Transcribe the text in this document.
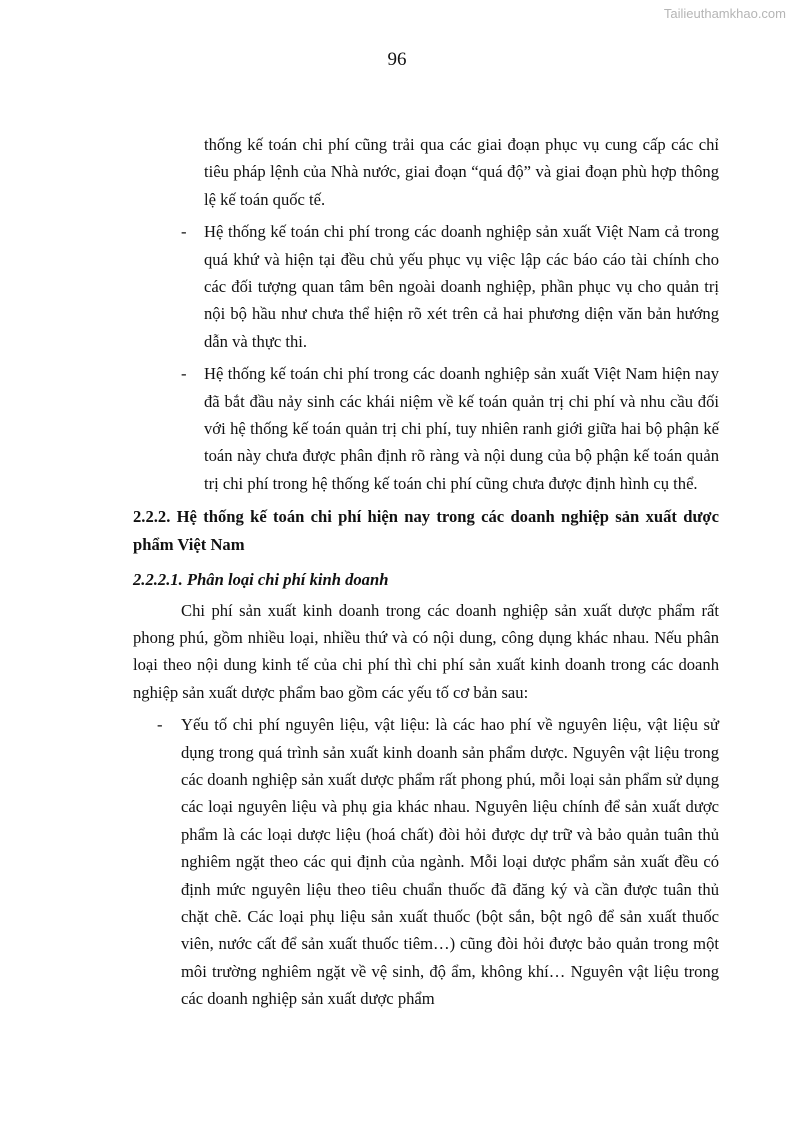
Tailieuthamkhao.com
96

thống kế toán chi phí cũng trải qua các giai đoạn phục vụ cung cấp các chỉ tiêu pháp lệnh của Nhà nước, giai đoạn “quá độ” và giai đoạn phù hợp thông lệ kế toán quốc tế.

- Hệ thống kế toán chi phí trong các doanh nghiệp sản xuất Việt Nam cả trong quá khứ và hiện tại đều chủ yếu phục vụ việc lập các báo cáo tài chính cho các đối tượng quan tâm bên ngoài doanh nghiệp, phần phục vụ cho quản trị nội bộ hầu như chưa thể hiện rõ xét trên cả hai phương diện văn bản hướng dẫn và thực thi.
- Hệ thống kế toán chi phí trong các doanh nghiệp sản xuất Việt Nam hiện nay đã bắt đầu nảy sinh các khái niệm về kế toán quản trị chi phí và nhu cầu đối với hệ thống kế toán quản trị chi phí, tuy nhiên ranh giới giữa hai bộ phận kế toán này chưa được phân định rõ ràng và nội dung của bộ phận kế toán quản trị chi phí trong hệ thống kế toán chi phí cũng chưa được định hình cụ thể.

2.2.2. Hệ thống kế toán chi phí hiện nay trong các doanh nghiệp sản xuất dược phẩm Việt Nam

2.2.2.1. Phân loại chi phí kinh doanh

Chi phí sản xuất kinh doanh trong các doanh nghiệp sản xuất dược phẩm rất phong phú, gồm nhiều loại, nhiều thứ và có nội dung, công dụng khác nhau. Nếu phân loại theo nội dung kinh tế của chi phí thì chi phí sản xuất kinh doanh trong các doanh nghiệp sản xuất dược phẩm bao gồm các yếu tố cơ bản sau:

- Yếu tố chi phí nguyên liệu, vật liệu: là các hao phí về nguyên liệu, vật liệu sử dụng trong quá trình sản xuất kinh doanh sản phẩm dược. Nguyên vật liệu trong các doanh nghiệp sản xuất dược phẩm rất phong phú, mỗi loại sản phẩm sử dụng các loại nguyên liệu và phụ gia khác nhau. Nguyên liệu chính để sản xuất dược phẩm là các loại dược liệu (hoá chất) đòi hỏi được dự trữ và bảo quản tuân thủ nghiêm ngặt theo các qui định của ngành. Mỗi loại dược phẩm sản xuất đều có định mức nguyên liệu theo tiêu chuẩn thuốc đã đăng ký và cần được tuân thủ chặt chẽ. Các loại phụ liệu sản xuất thuốc (bột sắn, bột ngô để sản xuất thuốc viên, nước cất để sản xuất thuốc tiêm…) cũng đòi hỏi được bảo quản trong một môi trường nghiêm ngặt về vệ sinh, độ ẩm, không khí… Nguyên vật liệu trong các doanh nghiệp sản xuất dược phẩm
